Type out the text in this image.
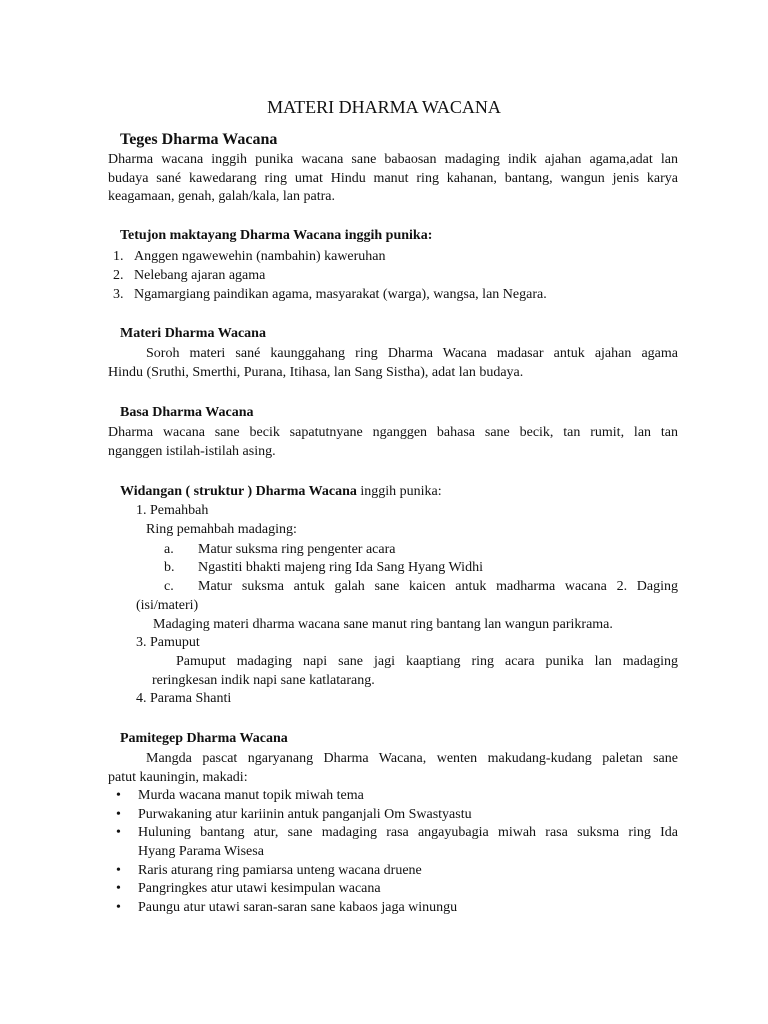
MATERI DHARMA WACANA
Teges Dharma Wacana
Dharma wacana inggih punika wacana sane babaosan madaging indik ajahan agama,adat lan
budaya sané kawedarang ring umat Hindu manut ring kahanan, bantang, wangun jenis karya
keagamaan, genah, galah/kala, lan patra.
Tetujon maktayang Dharma Wacana inggih punika:
1. Anggen ngawewehin (nambahin) kaweruhan
2. Nelebang ajaran agama
3. Ngamargiang paindikan agama, masyarakat (warga), wangsa, lan Negara.
Materi Dharma Wacana
Soroh materi sané kaunggahang ring Dharma Wacana madasar antuk ajahan agama
Hindu (Sruthi, Smerthi, Purana, Itihasa, lan Sang Sistha), adat lan budaya.
Basa Dharma Wacana
Dharma wacana sane becik sapatutnyane nganggen bahasa sane becik, tan rumit, lan tan
nganggen istilah-istilah asing.
Widangan ( struktur ) Dharma Wacana inggih punika:
1. Pemahbah
Ring pemahbah madaging:
a. Matur suksma ring pengenter acara
b. Ngastiti bhakti majeng ring Ida Sang Hyang Widhi
c. Matur suksma antuk galah sane kaicen antuk madharma wacana 2. Daging
(isi/materi)
Madaging materi dharma wacana sane manut ring bantang lan wangun parikrama.
3. Pamuput
Pamuput madaging napi sane jagi kaaptiang ring acara punika lan madaging
reringkesan indik napi sane katlatarang.
4. Parama Shanti
Pamitegep Dharma Wacana
Mangda pascat ngaryanang Dharma Wacana, wenten makudang-kudang paletan sane
patut kauningin, makadi:
• Murda wacana manut topik miwah tema
• Purwakaning atur kariinin antuk panganjali Om Swastyastu
• Huluning bantang atur, sane madaging rasa angayubagia miwah rasa suksma ring Ida
Hyang Parama Wisesa
• Raris aturang ring pamiarsa unteng wacana druene
• Pangringkes atur utawi kesimpulan wacana
• Paungu atur utawi saran-saran sane kabaos jaga winungu
